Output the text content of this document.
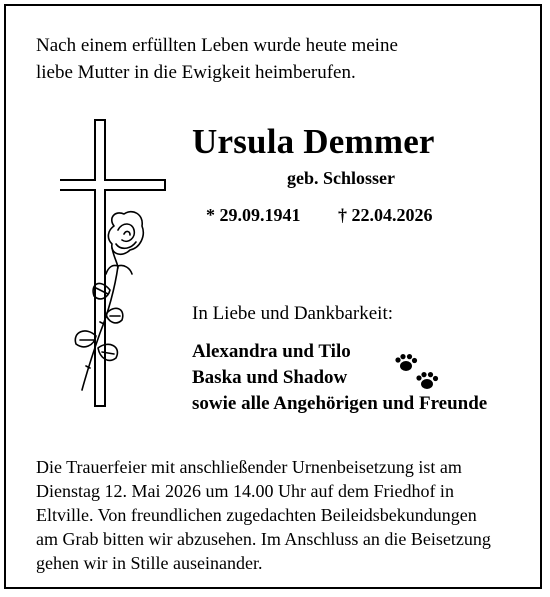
Nach einem erfüllten Leben wurde heute meine
liebe Mutter in die Ewigkeit heimberufen.
Ursula Demmer
geb. Schlosser
* 29.09.1941 † 22.04.2026
In Liebe und Dankbarkeit:
Alexandra und Tilo
Baska und Shadow
sowie alle Angehörigen und Freunde
Die Trauerfeier mit anschließender Urnenbeisetzung ist am
Dienstag 12. Mai 2026 um 14.00 Uhr auf dem Friedhof in
Eltville. Von freundlichen zugedachten Beileidsbekundungen
am Grab bitten wir abzusehen. Im Anschluss an die Beisetzung
gehen wir in Stille auseinander.
